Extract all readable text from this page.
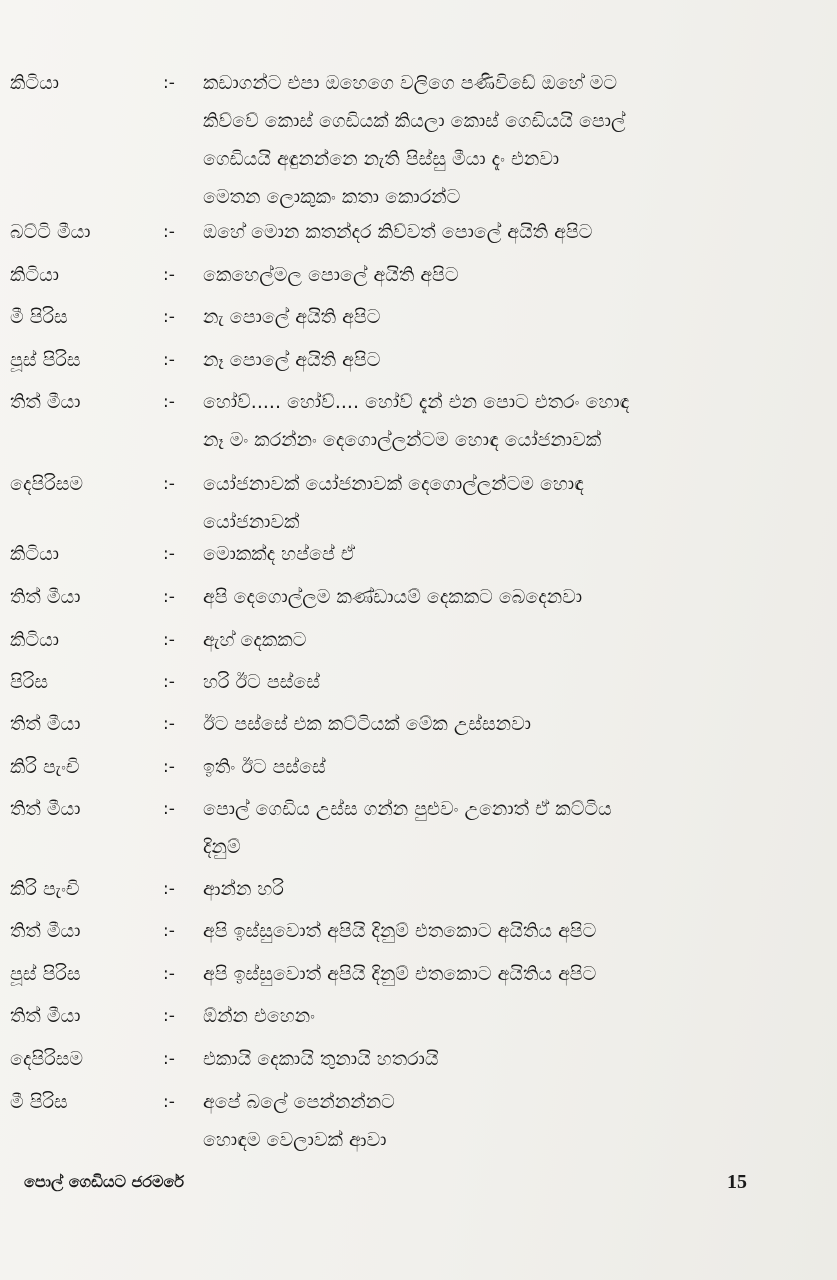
කිටියා	:- කඩාගන්ට එපා ඔහෙගෙ වලිගෙ පණිවිඩේ ඔහේ මට
කිව්වේ කොස් ගෙඩියක් කියලා කොස් ගෙඩියයි පොල්
ගෙඩියයි අඳුනන්නෙ නැති පිස්සු මීයා දැං එනවා
මෙතන ලොකුකං කතා කොරන්ට
බට්ටි මීයා	:- ඔහේ මොන කතන්දර කිව්වත් පොලේ අයිති අපිට
කිටියා	:- කෙහෙල්මල පොලේ අයිති අපිට
මී පිරිස	:- නැ පොලේ අයිති අපිට
පූස් පිරිස	:- නෑ පොලේ අයිති අපිට
තිත් මීයා	:- හෝව්..... හෝව්.... හෝව් දැන් එන පොට එතරං හොඳ
නෑ මං කරන්නං දෙගොල්ලන්ටම හොඳ යෝජනාවක්
දෙපිරිසම	:- යෝජනාවක් යෝජනාවක් දෙගොල්ලන්ටම හොඳ
යෝජනාවක්
කිටියා	:- මොකක්ද හප්පේ ඒ
තිත් මීයා	:- අපි දෙගොල්ලම කණ්ඩායම් දෙකකට බෙදෙනවා
කිටියා	:- ඇහ් දෙකකට
පිරිස	:- හරි ඊට පස්සේ
තිත් මීයා	:- ඊට පස්සේ එක කට්ටියක් මේක උස්සනවා
කිරි පැංචි	:- ඉතිං ඊට පස්සේ
තිත් මීයා	:- පොල් ගෙඩිය උස්ස ගන්න පුළුවං උනොත් ඒ කට්ටිය
දිනුම්
කිරි පැංචි	:- ආන්න හරි
තිත් මීයා	:- අපි ඉස්සුවොත් අපියි දිනුම් එතකොට අයිතිය අපිට
පූස් පිරිස	:- අපි ඉස්සුවොත් අපියි දිනුම් එතකොට අයිතිය අපිට
තිත් මීයා	:- ඕන්න එහෙනං
දෙපිරිසම	:- එකායි දෙකායි තුනායි හතරායි
මී පිරිස	:- අපේ බලේ පෙන්නන්නට
හොඳම වෙලාවක් ආවා
පොල් ගෙඩියට ජරමරේ	15
